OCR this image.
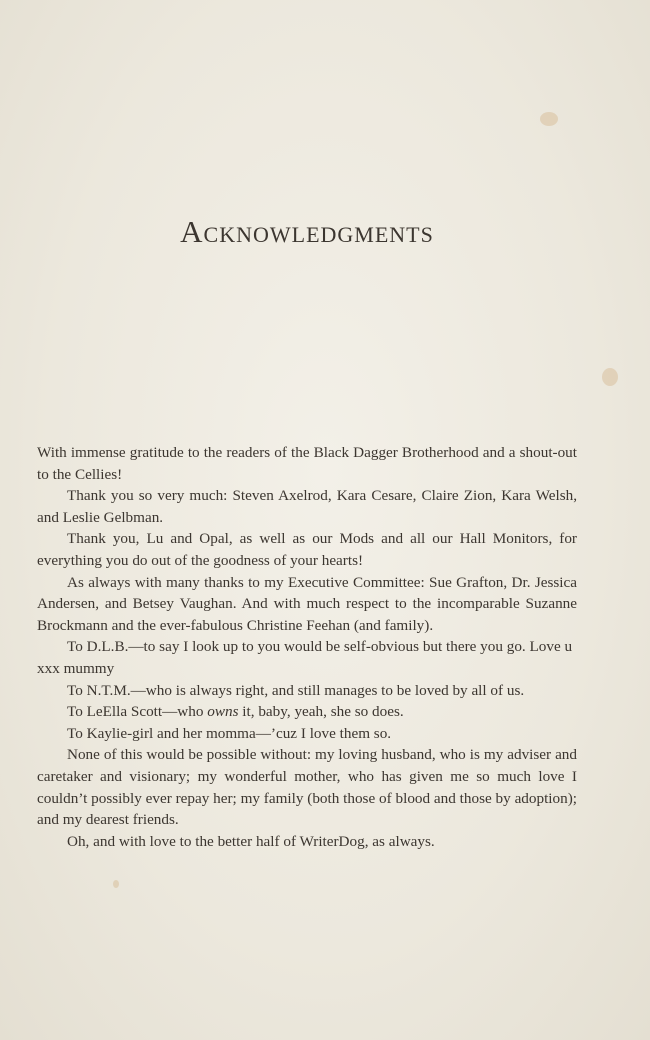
Acknowledgments

With immense gratitude to the readers of the Black Dagger Brotherhood and a shout-out to the Cellies!

Thank you so very much: Steven Axelrod, Kara Cesare, Claire Zion, Kara Welsh, and Leslie Gelbman.

Thank you, Lu and Opal, as well as our Mods and all our Hall Monitors, for everything you do out of the goodness of your hearts!

As always with many thanks to my Executive Committee: Sue Grafton, Dr. Jessica Andersen, and Betsey Vaughan. And with much respect to the incomparable Suzanne Brockmann and the ever-fabulous Christine Feehan (and family).

To D.L.B.—to say I look up to you would be self-obvious but there you go. Love u xxx mummy

To N.T.M.—who is always right, and still manages to be loved by all of us.

To LeElla Scott—who owns it, baby, yeah, she so does.

To Kaylie-girl and her momma—’cuz I love them so.

None of this would be possible without: my loving husband, who is my adviser and caretaker and visionary; my wonderful mother, who has given me so much love I couldn’t possibly ever repay her; my family (both those of blood and those by adoption); and my dearest friends.

Oh, and with love to the better half of WriterDog, as always.
